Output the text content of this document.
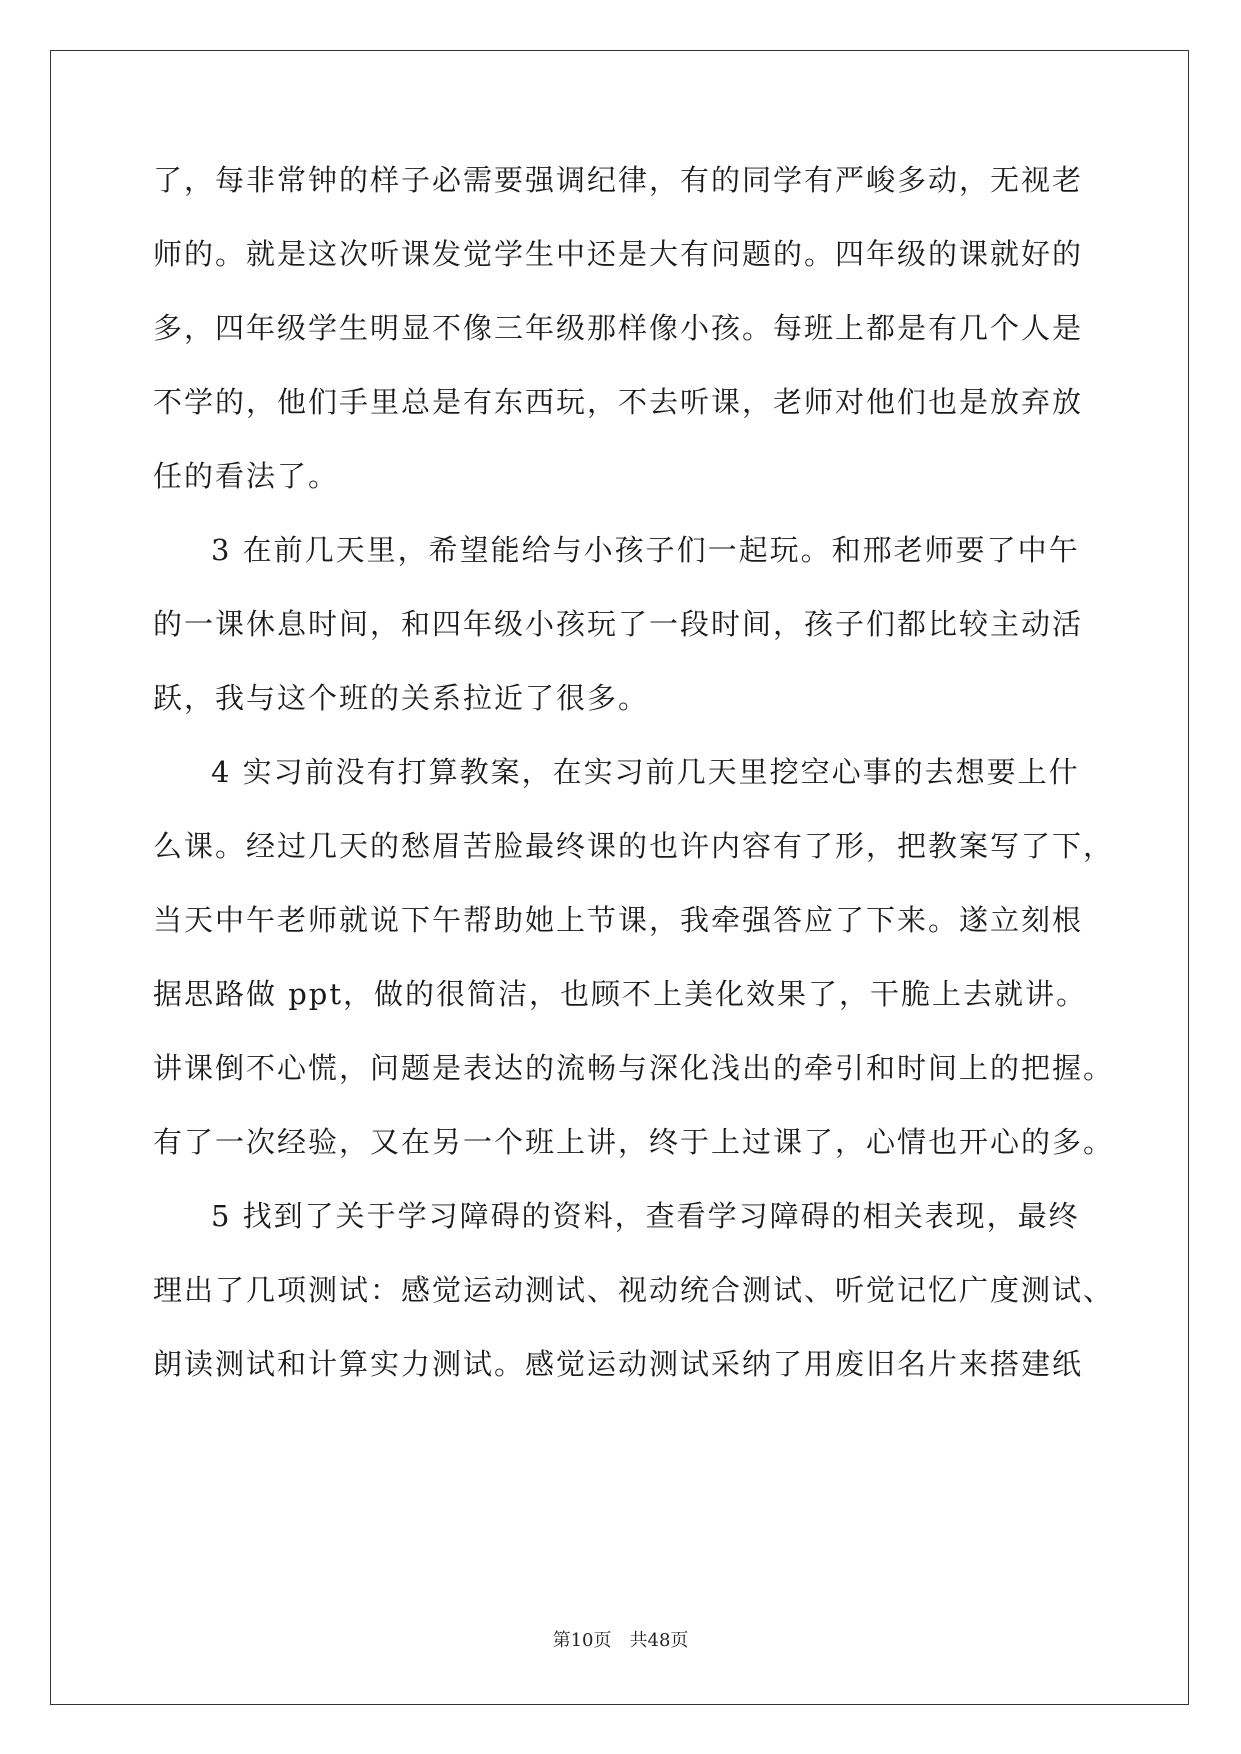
了，每非常钟的样子必需要强调纪律，有的同学有严峻多动，无视老
师的。就是这次听课发觉学生中还是大有问题的。四年级的课就好的
多，四年级学生明显不像三年级那样像小孩。每班上都是有几个人是
不学的，他们手里总是有东西玩，不去听课，老师对他们也是放弃放
任的看法了。
3 在前几天里，希望能给与小孩子们一起玩。和邢老师要了中午
的一课休息时间，和四年级小孩玩了一段时间，孩子们都比较主动活
跃，我与这个班的关系拉近了很多。
4 实习前没有打算教案，在实习前几天里挖空心事的去想要上什
么课。经过几天的愁眉苦脸最终课的也许内容有了形，把教案写了下，
当天中午老师就说下午帮助她上节课，我牵强答应了下来。遂立刻根
据思路做 ppt，做的很简洁，也顾不上美化效果了，干脆上去就讲。
讲课倒不心慌，问题是表达的流畅与深化浅出的牵引和时间上的把握。
有了一次经验，又在另一个班上讲，终于上过课了，心情也开心的多。
5 找到了关于学习障碍的资料，查看学习障碍的相关表现，最终
理出了几项测试：感觉运动测试、视动统合测试、听觉记忆广度测试、
朗读测试和计算实力测试。感觉运动测试采纳了用废旧名片来搭建纸
第10页　共48页
